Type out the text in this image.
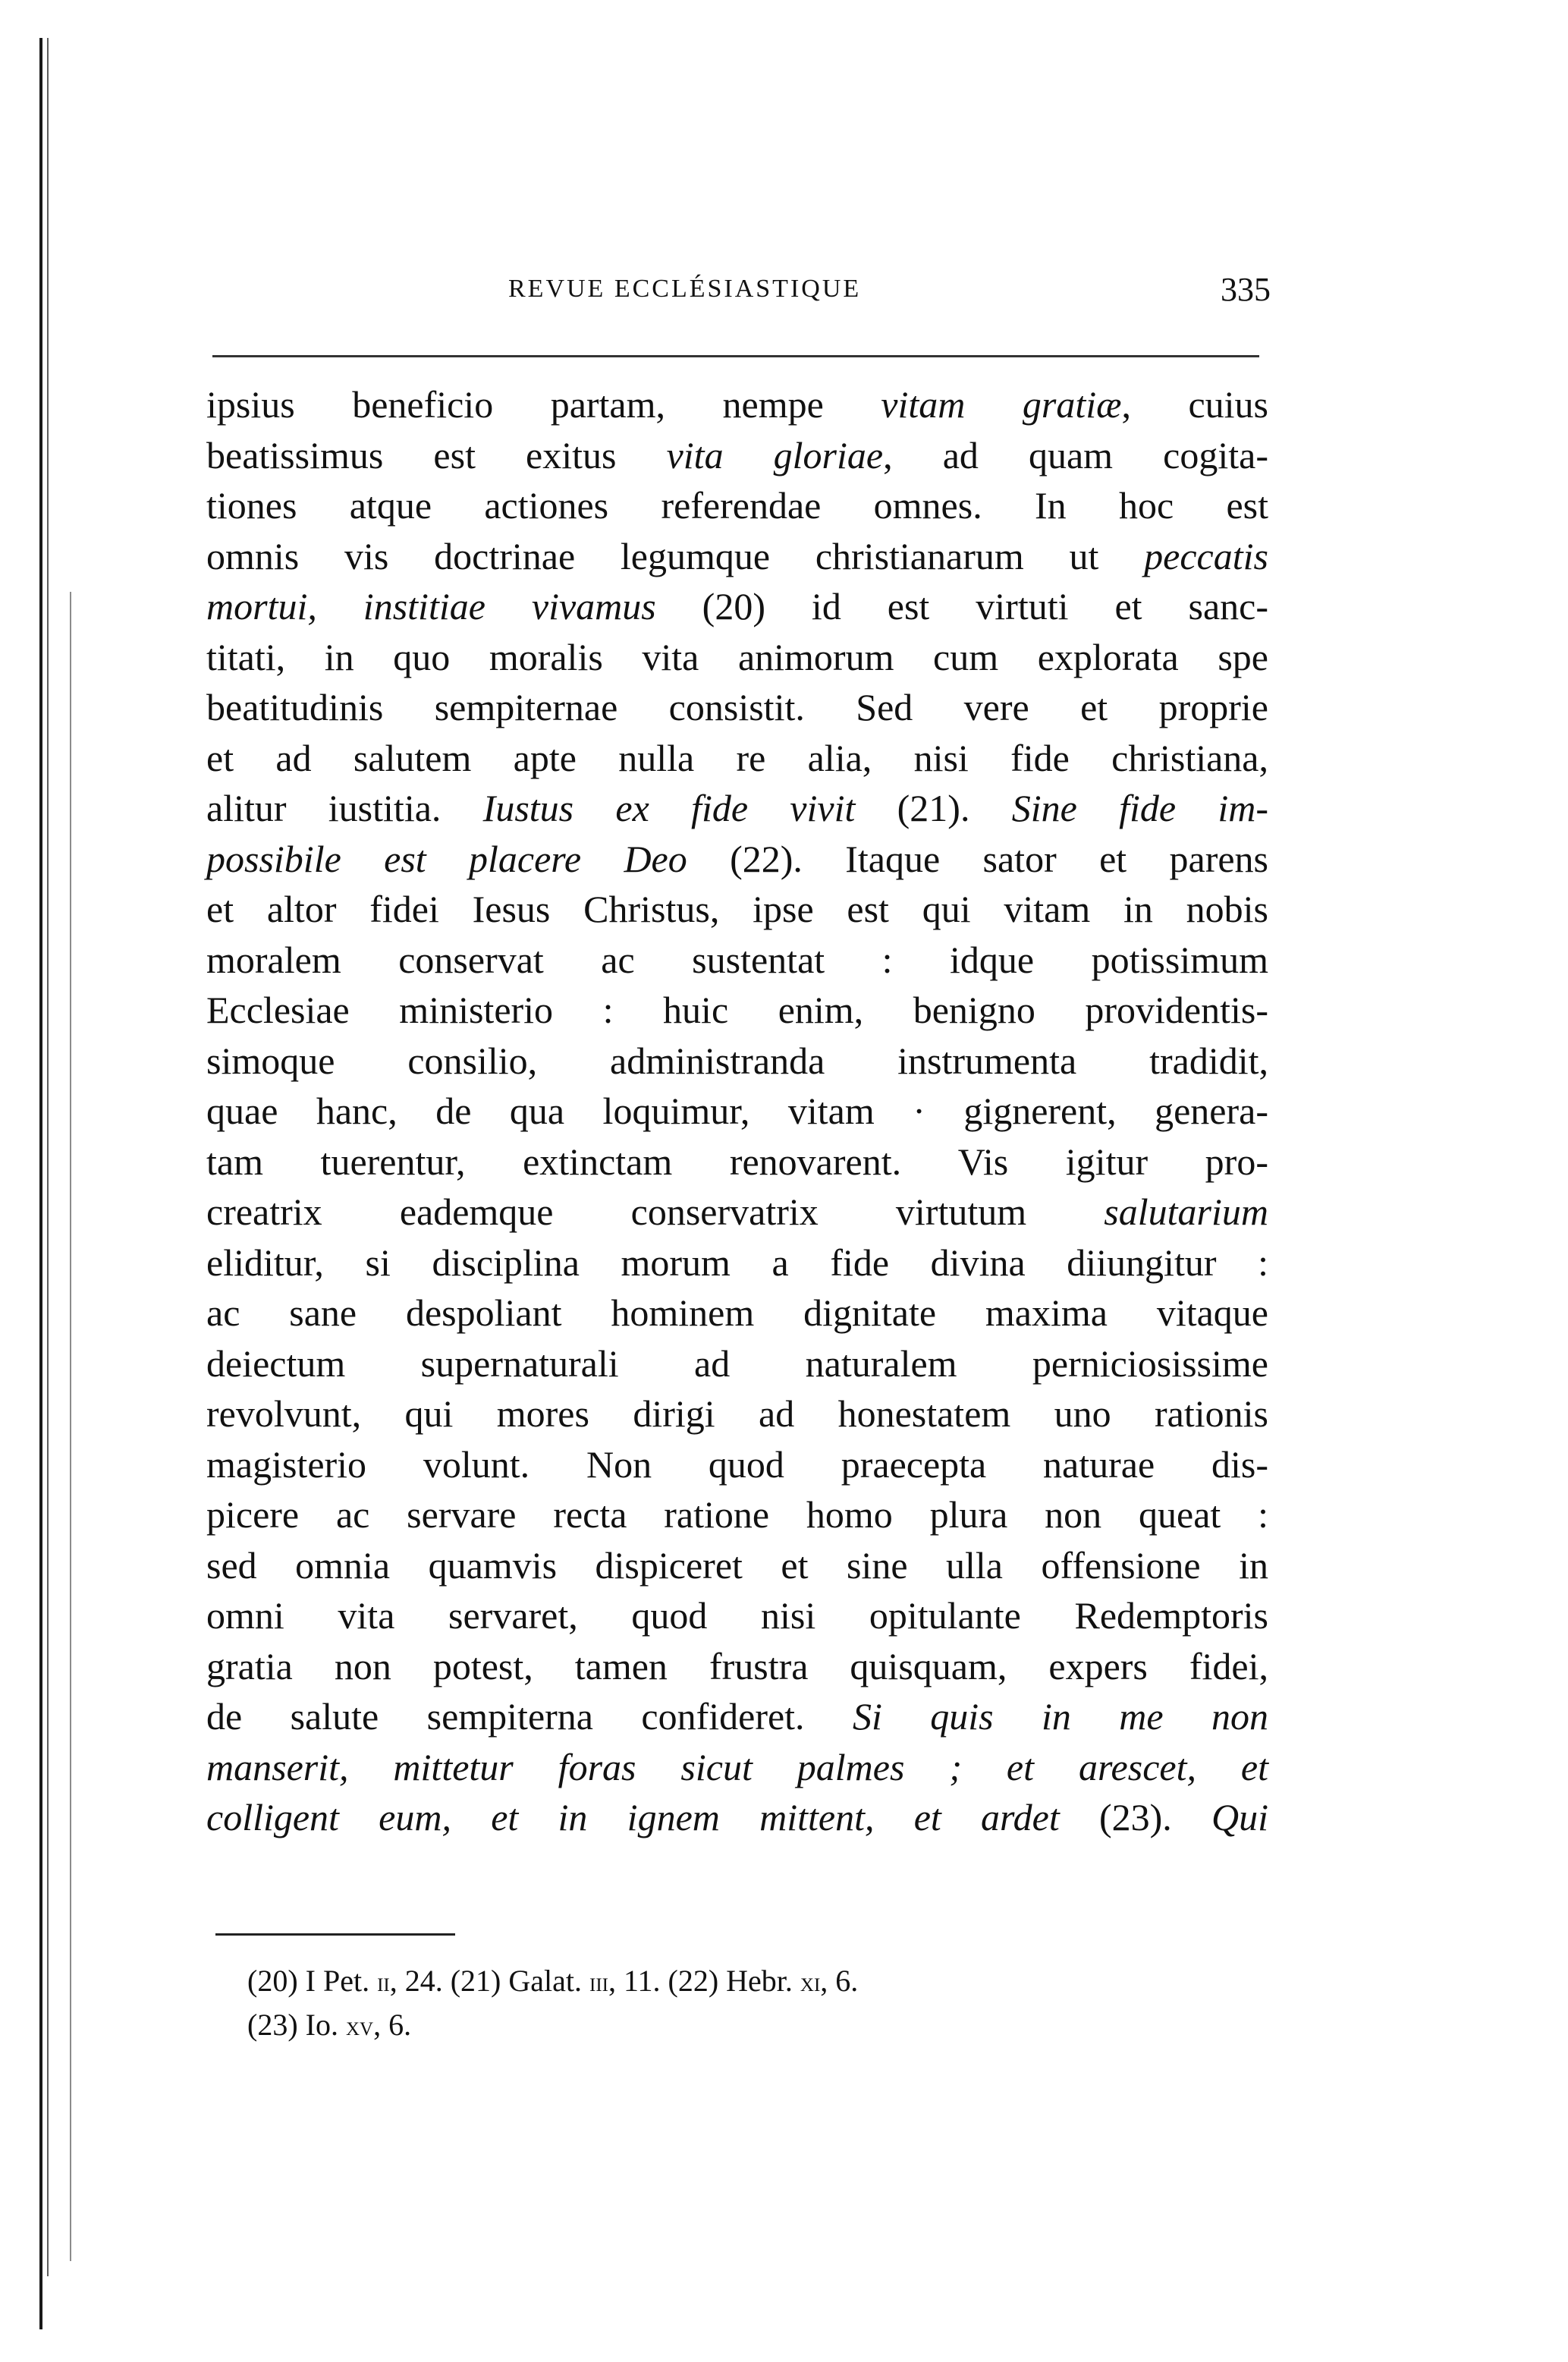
REVUE ECCLÉSIASTIQUE	335
ipsius beneficio partam, nempe vitam gratiæ, cuius
beatissimus est exitus vita gloriae, ad quam cogita-
tiones atque actiones referendae omnes. In hoc est
omnis vis doctrinae legumque christianarum ut peccatis
mortui, institiae vivamus (20) id est virtuti et sanc-
titati, in quo moralis vita animorum cum explorata spe
beatitudinis sempiternae consistit. Sed vere et proprie
et ad salutem apte nulla re alia, nisi fide christiana,
alitur iustitia. Iustus ex fide vivit (21). Sine fide im-
possibile est placere Deo (22). Itaque sator et parens
et altor fidei Iesus Christus, ipse est qui vitam in nobis
moralem conservat ac sustentat : idque potissimum
Ecclesiae ministerio : huic enim, benigno providentis-
simoque consilio, administranda instrumenta tradidit,
quae hanc, de qua loquimur, vitam · gignerent, genera-
tam tuerentur, extinctam renovarent. Vis igitur pro-
creatrix eademque conservatrix virtutum salutarium
eliditur, si disciplina morum a fide divina diiungitur :
ac sane despoliant hominem dignitate maxima vitaque
deiectum supernaturali ad naturalem perniciosissime
revolvunt, qui mores dirigi ad honestatem uno rationis
magisterio volunt. Non quod praecepta naturae dis-
picere ac servare recta ratione homo plura non queat :
sed omnia quamvis dispiceret et sine ulla offensione in
omni vita servaret, quod nisi opitulante Redemptoris
gratia non potest, tamen frustra quisquam, expers fidei,
de salute sempiterna confideret. Si quis in me non
manserit, mittetur foras sicut palmes ; et arescet, et
colligent eum, et in ignem mittent, et ardet (23). Qui
(20) I Pet. ii, 24. (21) Galat. iii, 11. (22) Hebr. xi, 6.
(23) Io. xv, 6.
